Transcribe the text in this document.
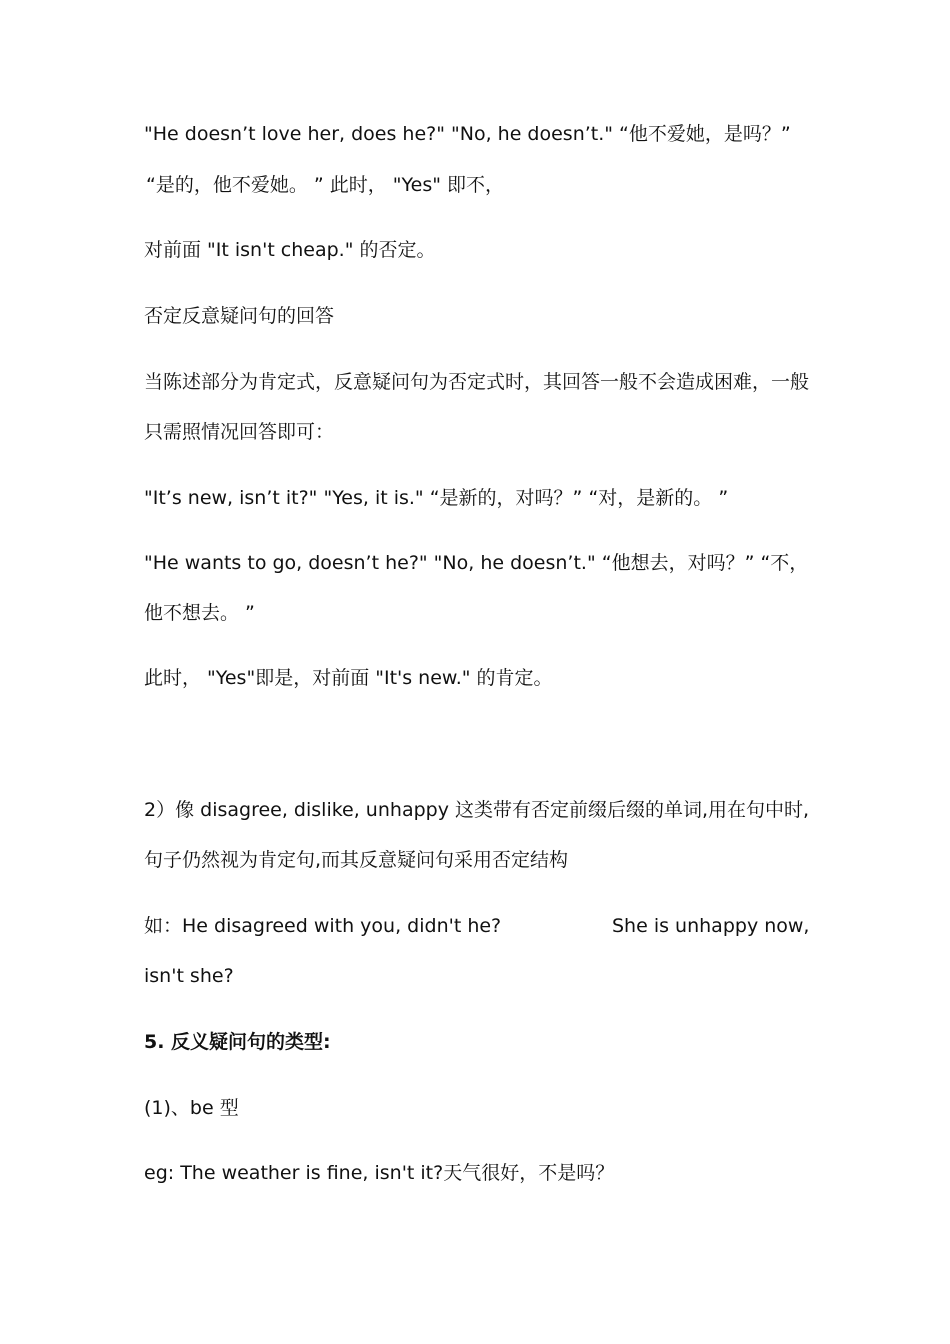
"He doesn’t love her, does he?" "No, he doesn’t." “他不爱她，是吗？”
“是的，他不爱她。 ” 此时， "Yes" 即不，
对前面 "It isn't cheap." 的否定。
否定反意疑问句的回答
当陈述部分为肯定式，反意疑问句为否定式时，其回答一般不会造成困难，一般
只需照情况回答即可：
"It’s new, isn’t it?" "Yes, it is." “是新的，对吗？” “对，是新的。 ”
"He wants to go, doesn’t he?" "No, he doesn’t." “他想去，对吗？” “不，
他不想去。 ”
此时， "Yes"即是，对前面 "It's new." 的肯定。
2）像 disagree, dislike, unhappy 这类带有否定前缀后缀的单词,用在句中时,
句子仍然视为肯定句,而其反意疑问句采用否定结构
如：He disagreed with you, didn't he?	She is unhappy now,
isn't she?
5. 反义疑问句的类型:
(1)、be 型
eg: The weather is fine, isn't it?天气很好，不是吗？
